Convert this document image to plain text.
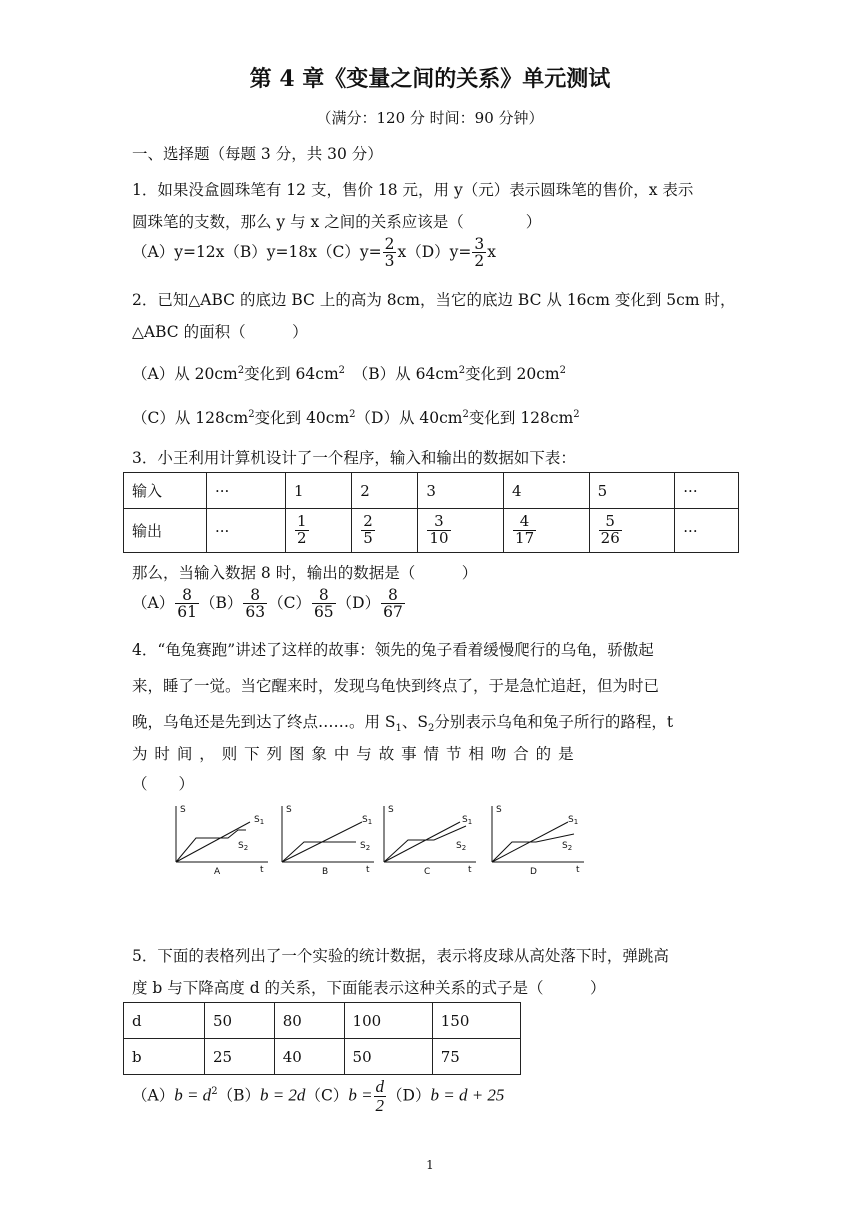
第 4 章《变量之间的关系》单元测试
（满分：120 分 时间：90 分钟）
一、选择题（每题 3 分，共 30 分）
1．如果没盒圆珠笔有 12 支，售价 18 元，用 y（元）表示圆珠笔的售价，x 表示
圆珠笔的支数，那么 y 与 x 之间的关系应该是（　　　　）
$(A)y=12x(B)y=18x(C)y= \frac{2}{3} x(D)y= \frac{3}{2}$ x
2．已知△ABC 的底边 BC 上的高为 8cm，当它的底边 BC 从 16cm 变化到 5cm 时，
△ABC 的面积（　　　）
（A）从 $20cm^2$变化到 $64cm^2$　 （B）从 $64cm^2$变化到 $20cm^2$
（C）从 $128cm^2$变化到 $40cm^2(D)$从 $40cm^2$变化到 $128cm^2$
3．小王利用计算机设计了一个程序，输入和输出的数据如下表：
输入	···	1	2	3	4	5	···
输出	···	$\frac{1}{2}$	$\frac{2}{5}$	$\frac{3}{10}$	$\frac{4}{17}$	$\frac{5}{26}$	···
那么，当输入数据 8 时，输出的数据是（　　　）
$(A) \frac{8}{61} (B) \frac{8}{63} (C) \frac{8}{65} (D) \frac{8}{67}$
4．“龟兔赛跑”讲述了这样的故事：领先的兔子看着缓慢爬行的乌龟，骄傲起
来，睡了一觉。当它醒来时，发现乌龟快到终点了，于是急忙追赶，但为时已
晚，乌龟还是先到达了终点……。用 $S_1$、$S_2$分别表示乌龟和兔子所行的路程，t
为 时 间 ， 则 下 列 图 象 中 与 故 事 情 节 相 吻 合 的 是
（　　）
S
t
$S_1$
$S_2$
A
S
t
$S_1$
$S_2$
B
S
t
$S_1$
$S_2$
C
S
t
$S_1$
$S_2$
D
5．下面的表格列出了一个实验的统计数据，表示将皮球从高处落下时，弹跳高
度 b 与下降高度 d 的关系，下面能表示这种关系的式子是（　　　）
d	50	80	100	150
b	25	40	50	75
$(A)b = d^2(B)b = 2d(C)b = \frac{d}{2} (D)b = d + 25$
1
